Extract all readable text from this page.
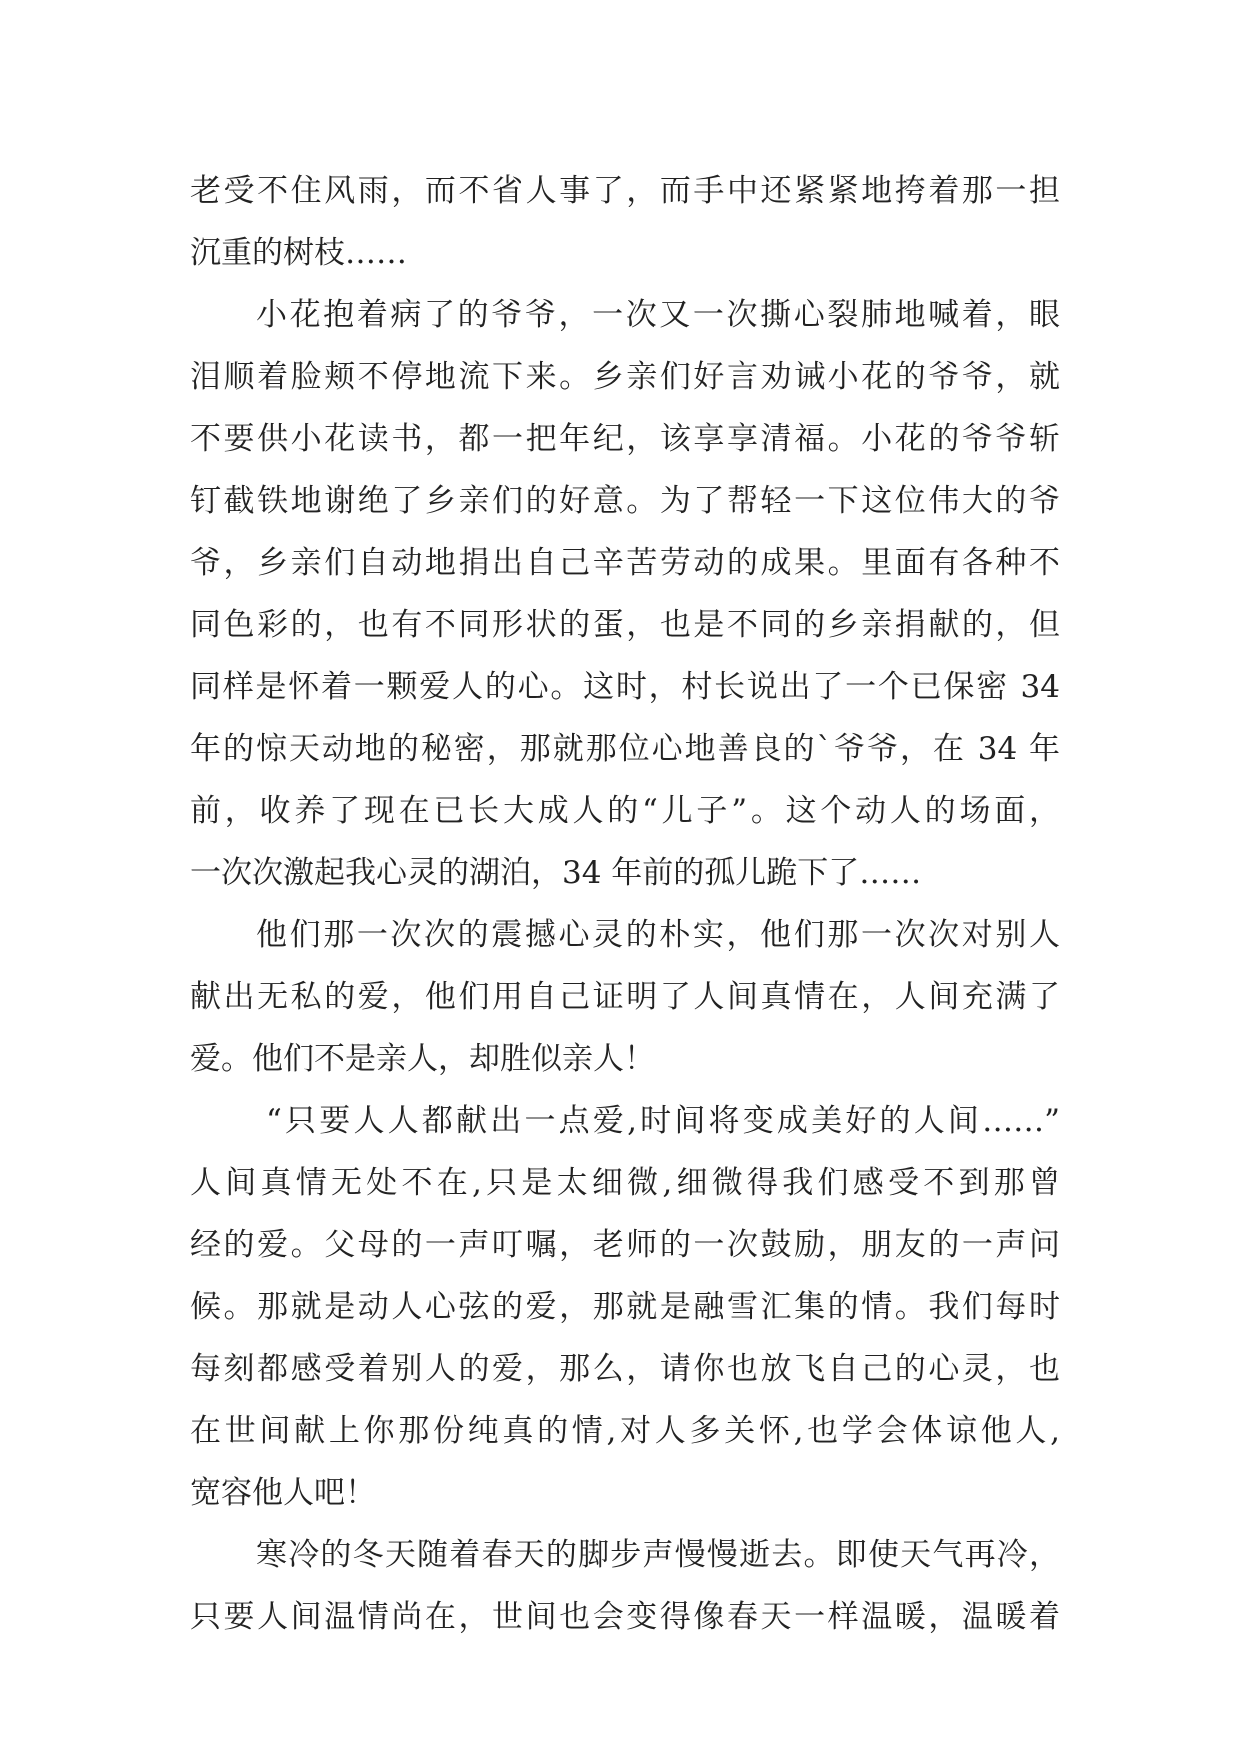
老受不住风雨，而不省人事了，而手中还紧紧地挎着那一担
沉重的树枝……
小花抱着病了的爷爷，一次又一次撕心裂肺地喊着，眼
泪顺着脸颊不停地流下来。乡亲们好言劝诫小花的爷爷，就
不要供小花读书，都一把年纪，该享享清福。小花的爷爷斩
钉截铁地谢绝了乡亲们的好意。为了帮轻一下这位伟大的爷
爷，乡亲们自动地捐出自己辛苦劳动的成果。里面有各种不
同色彩的，也有不同形状的蛋，也是不同的乡亲捐献的，但
同样是怀着一颗爱人的心。这时，村长说出了一个已保密 34
年的惊天动地的秘密，那就那位心地善良的`爷爷，在 34 年
前，收养了现在已长大成人的“儿子”。这个动人的场面，
一次次激起我心灵的湖泊，34 年前的孤儿跪下了……
他们那一次次的震撼心灵的朴实，他们那一次次对别人
献出无私的爱，他们用自己证明了人间真情在，人间充满了
爱。他们不是亲人，却胜似亲人！
“只要人人都献出一点爱,时间将变成美好的人间……”
人间真情无处不在,只是太细微,细微得我们感受不到那曾
经的爱。父母的一声叮嘱，老师的一次鼓励，朋友的一声问
候。那就是动人心弦的爱，那就是融雪汇集的情。我们每时
每刻都感受着别人的爱，那么，请你也放飞自己的心灵，也
在世间献上你那份纯真的情,对人多关怀,也学会体谅他人,
宽容他人吧！
寒冷的冬天随着春天的脚步声慢慢逝去。即使天气再冷，
只要人间温情尚在，世间也会变得像春天一样温暖，温暖着
